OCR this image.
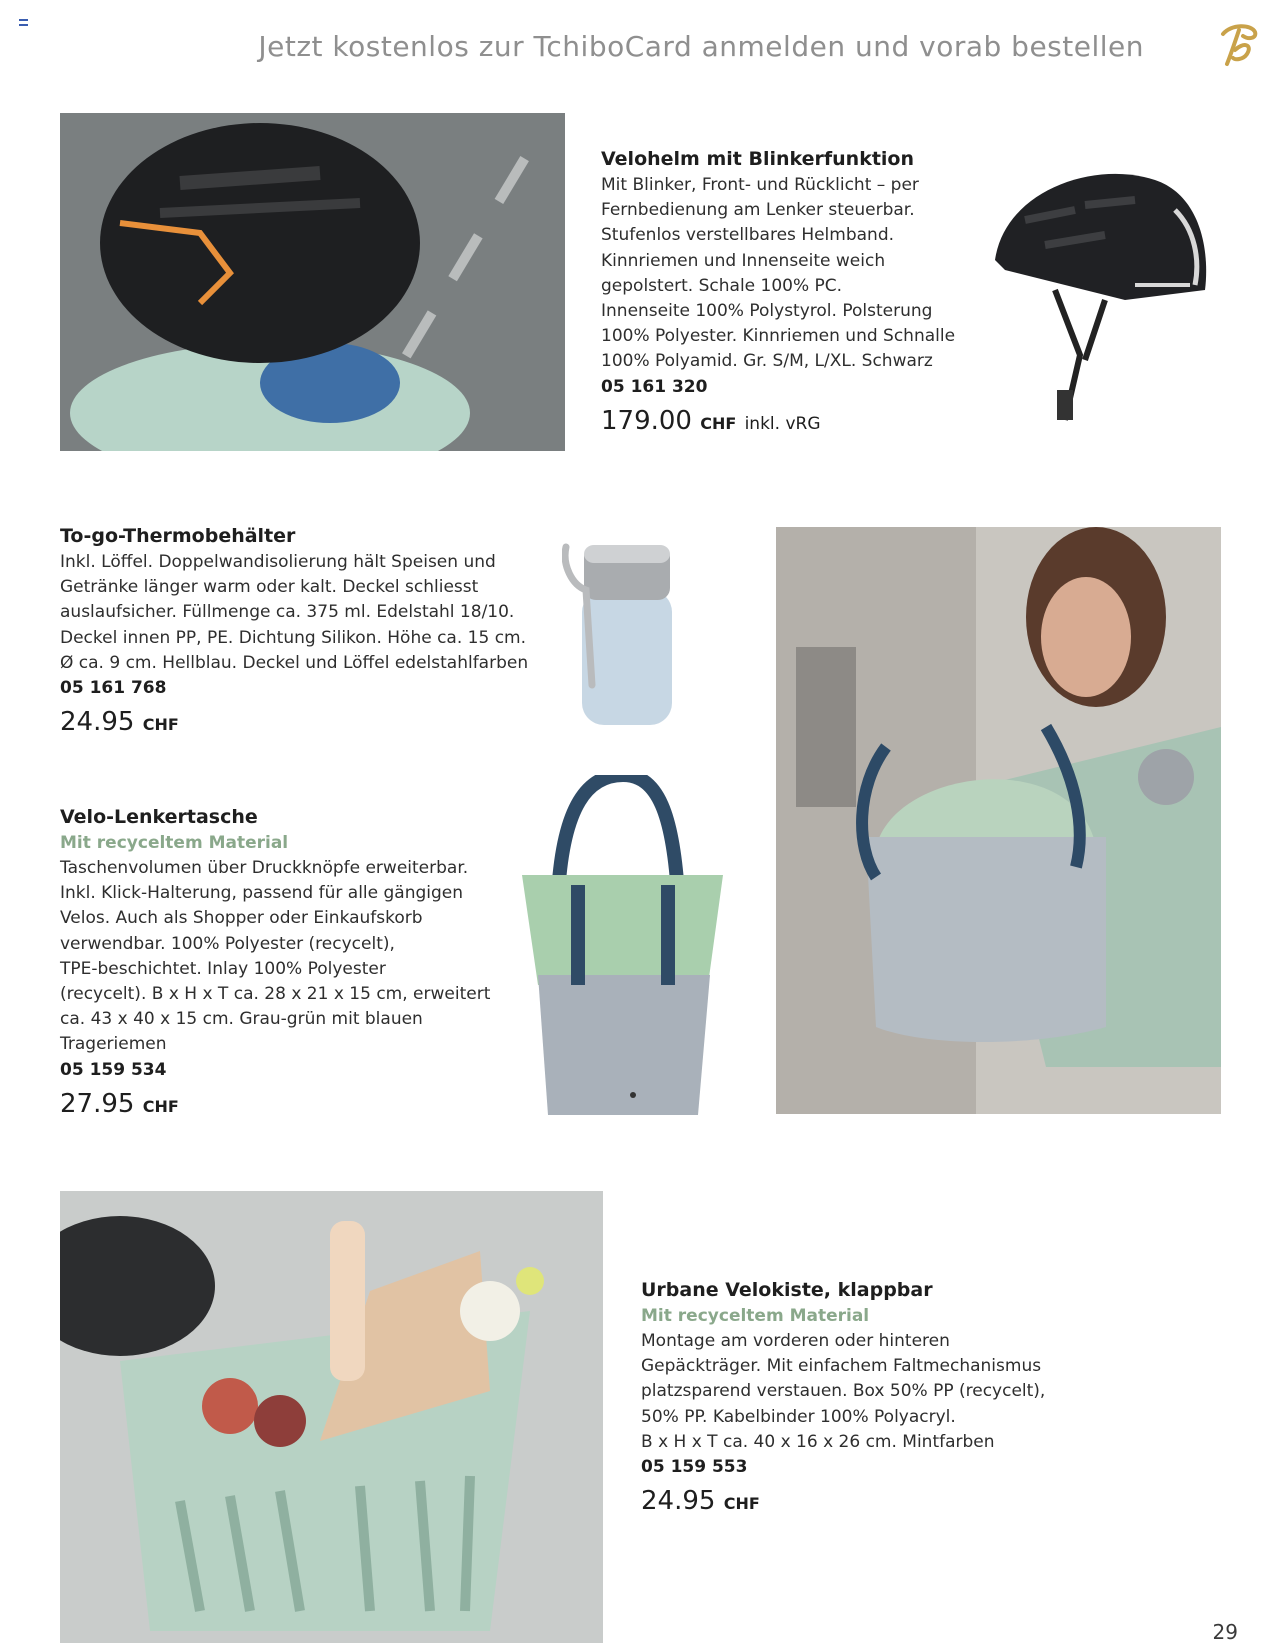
Jetzt kostenlos zur TchiboCard anmelden und vorab bestellen
Velohelm mit Blinkerfunktion
Mit Blinker, Front- und Rücklicht – per
Fernbedienung am Lenker steuerbar.
Stufenlos verstellbares Helmband.
Kinnriemen und Innenseite weich
gepolstert. Schale 100% PC.
Innenseite 100% Polystyrol. Polsterung
100% Polyester. Kinnriemen und Schnalle
100% Polyamid. Gr. S/M, L/XL. Schwarz
05 161 320
179.00 CHF inkl. vRG
To-go-Thermobehälter
Inkl. Löffel. Doppelwandisolierung hält Speisen und
Getränke länger warm oder kalt. Deckel schliesst
auslaufsicher. Füllmenge ca. 375 ml. Edelstahl 18/10.
Deckel innen PP, PE. Dichtung Silikon. Höhe ca. 15 cm.
Ø ca. 9 cm. Hellblau. Deckel und Löffel edelstahlfarben
05 161 768
24.95 CHF
Velo-Lenkertasche
Mit recyceltem Material
Taschenvolumen über Druckknöpfe erweiterbar.
Inkl. Klick-Halterung, passend für alle gängigen
Velos. Auch als Shopper oder Einkaufskorb
verwendbar. 100% Polyester (recycelt),
TPE-beschichtet. Inlay 100% Polyester
(recycelt). B x H x T ca. 28 x 21 x 15 cm, erweitert
ca. 43 x 40 x 15 cm. Grau-grün mit blauen
Trageriemen
05 159 534
27.95 CHF
Urbane Velokiste, klappbar
Mit recyceltem Material
Montage am vorderen oder hinteren
Gepäckträger. Mit einfachem Faltmechanismus
platzsparend verstauen. Box 50% PP (recycelt),
50% PP. Kabelbinder 100% Polyacryl.
B x H x T ca. 40 x 16 x 26 cm. Mintfarben
05 159 553
24.95 CHF
29
